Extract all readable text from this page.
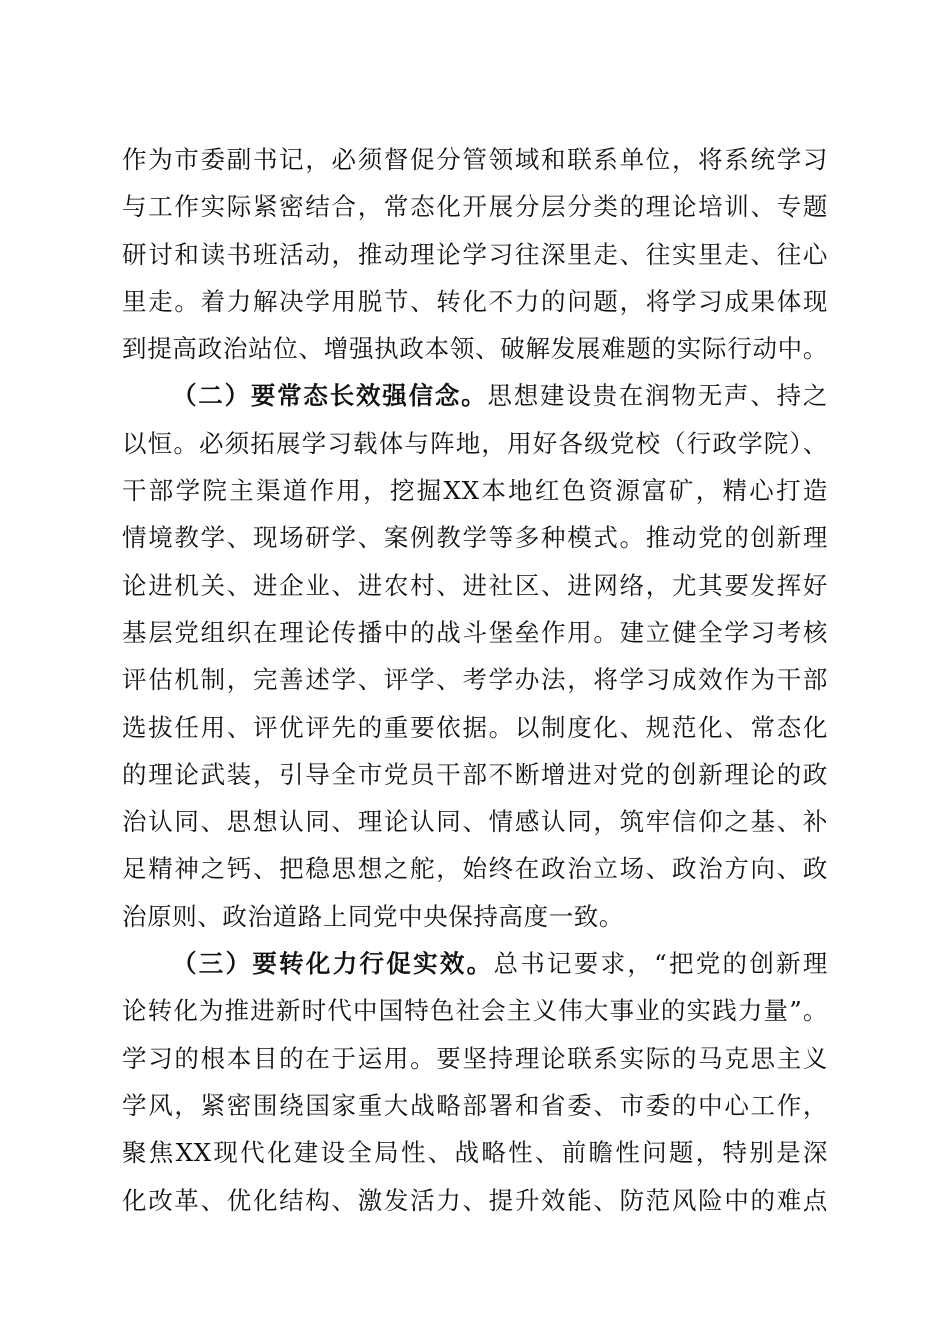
作为市委副书记，必须督促分管领域和联系单位，将系统学习
与工作实际紧密结合，常态化开展分层分类的理论培训、专题
研讨和读书班活动，推动理论学习往深里走、往实里走、往心
里走。着力解决学用脱节、转化不力的问题，将学习成果体现
到提高政治站位、增强执政本领、破解发展难题的实际行动中。
（二）要常态长效强信念。思想建设贵在润物无声、持之
以恒。必须拓展学习载体与阵地，用好各级党校（行政学院）、
干部学院主渠道作用，挖掘XX本地红色资源富矿，精心打造
情境教学、现场研学、案例教学等多种模式。推动党的创新理
论进机关、进企业、进农村、进社区、进网络，尤其要发挥好
基层党组织在理论传播中的战斗堡垒作用。建立健全学习考核
评估机制，完善述学、评学、考学办法，将学习成效作为干部
选拔任用、评优评先的重要依据。以制度化、规范化、常态化
的理论武装，引导全市党员干部不断增进对党的创新理论的政
治认同、思想认同、理论认同、情感认同，筑牢信仰之基、补
足精神之钙、把稳思想之舵，始终在政治立场、政治方向、政
治原则、政治道路上同党中央保持高度一致。
（三）要转化力行促实效。总书记要求，“把党的创新理
论转化为推进新时代中国特色社会主义伟大事业的实践力量”。
学习的根本目的在于运用。要坚持理论联系实际的马克思主义
学风，紧密围绕国家重大战略部署和省委、市委的中心工作，
聚焦XX现代化建设全局性、战略性、前瞻性问题，特别是深
化改革、优化结构、激发活力、提升效能、防范风险中的难点
